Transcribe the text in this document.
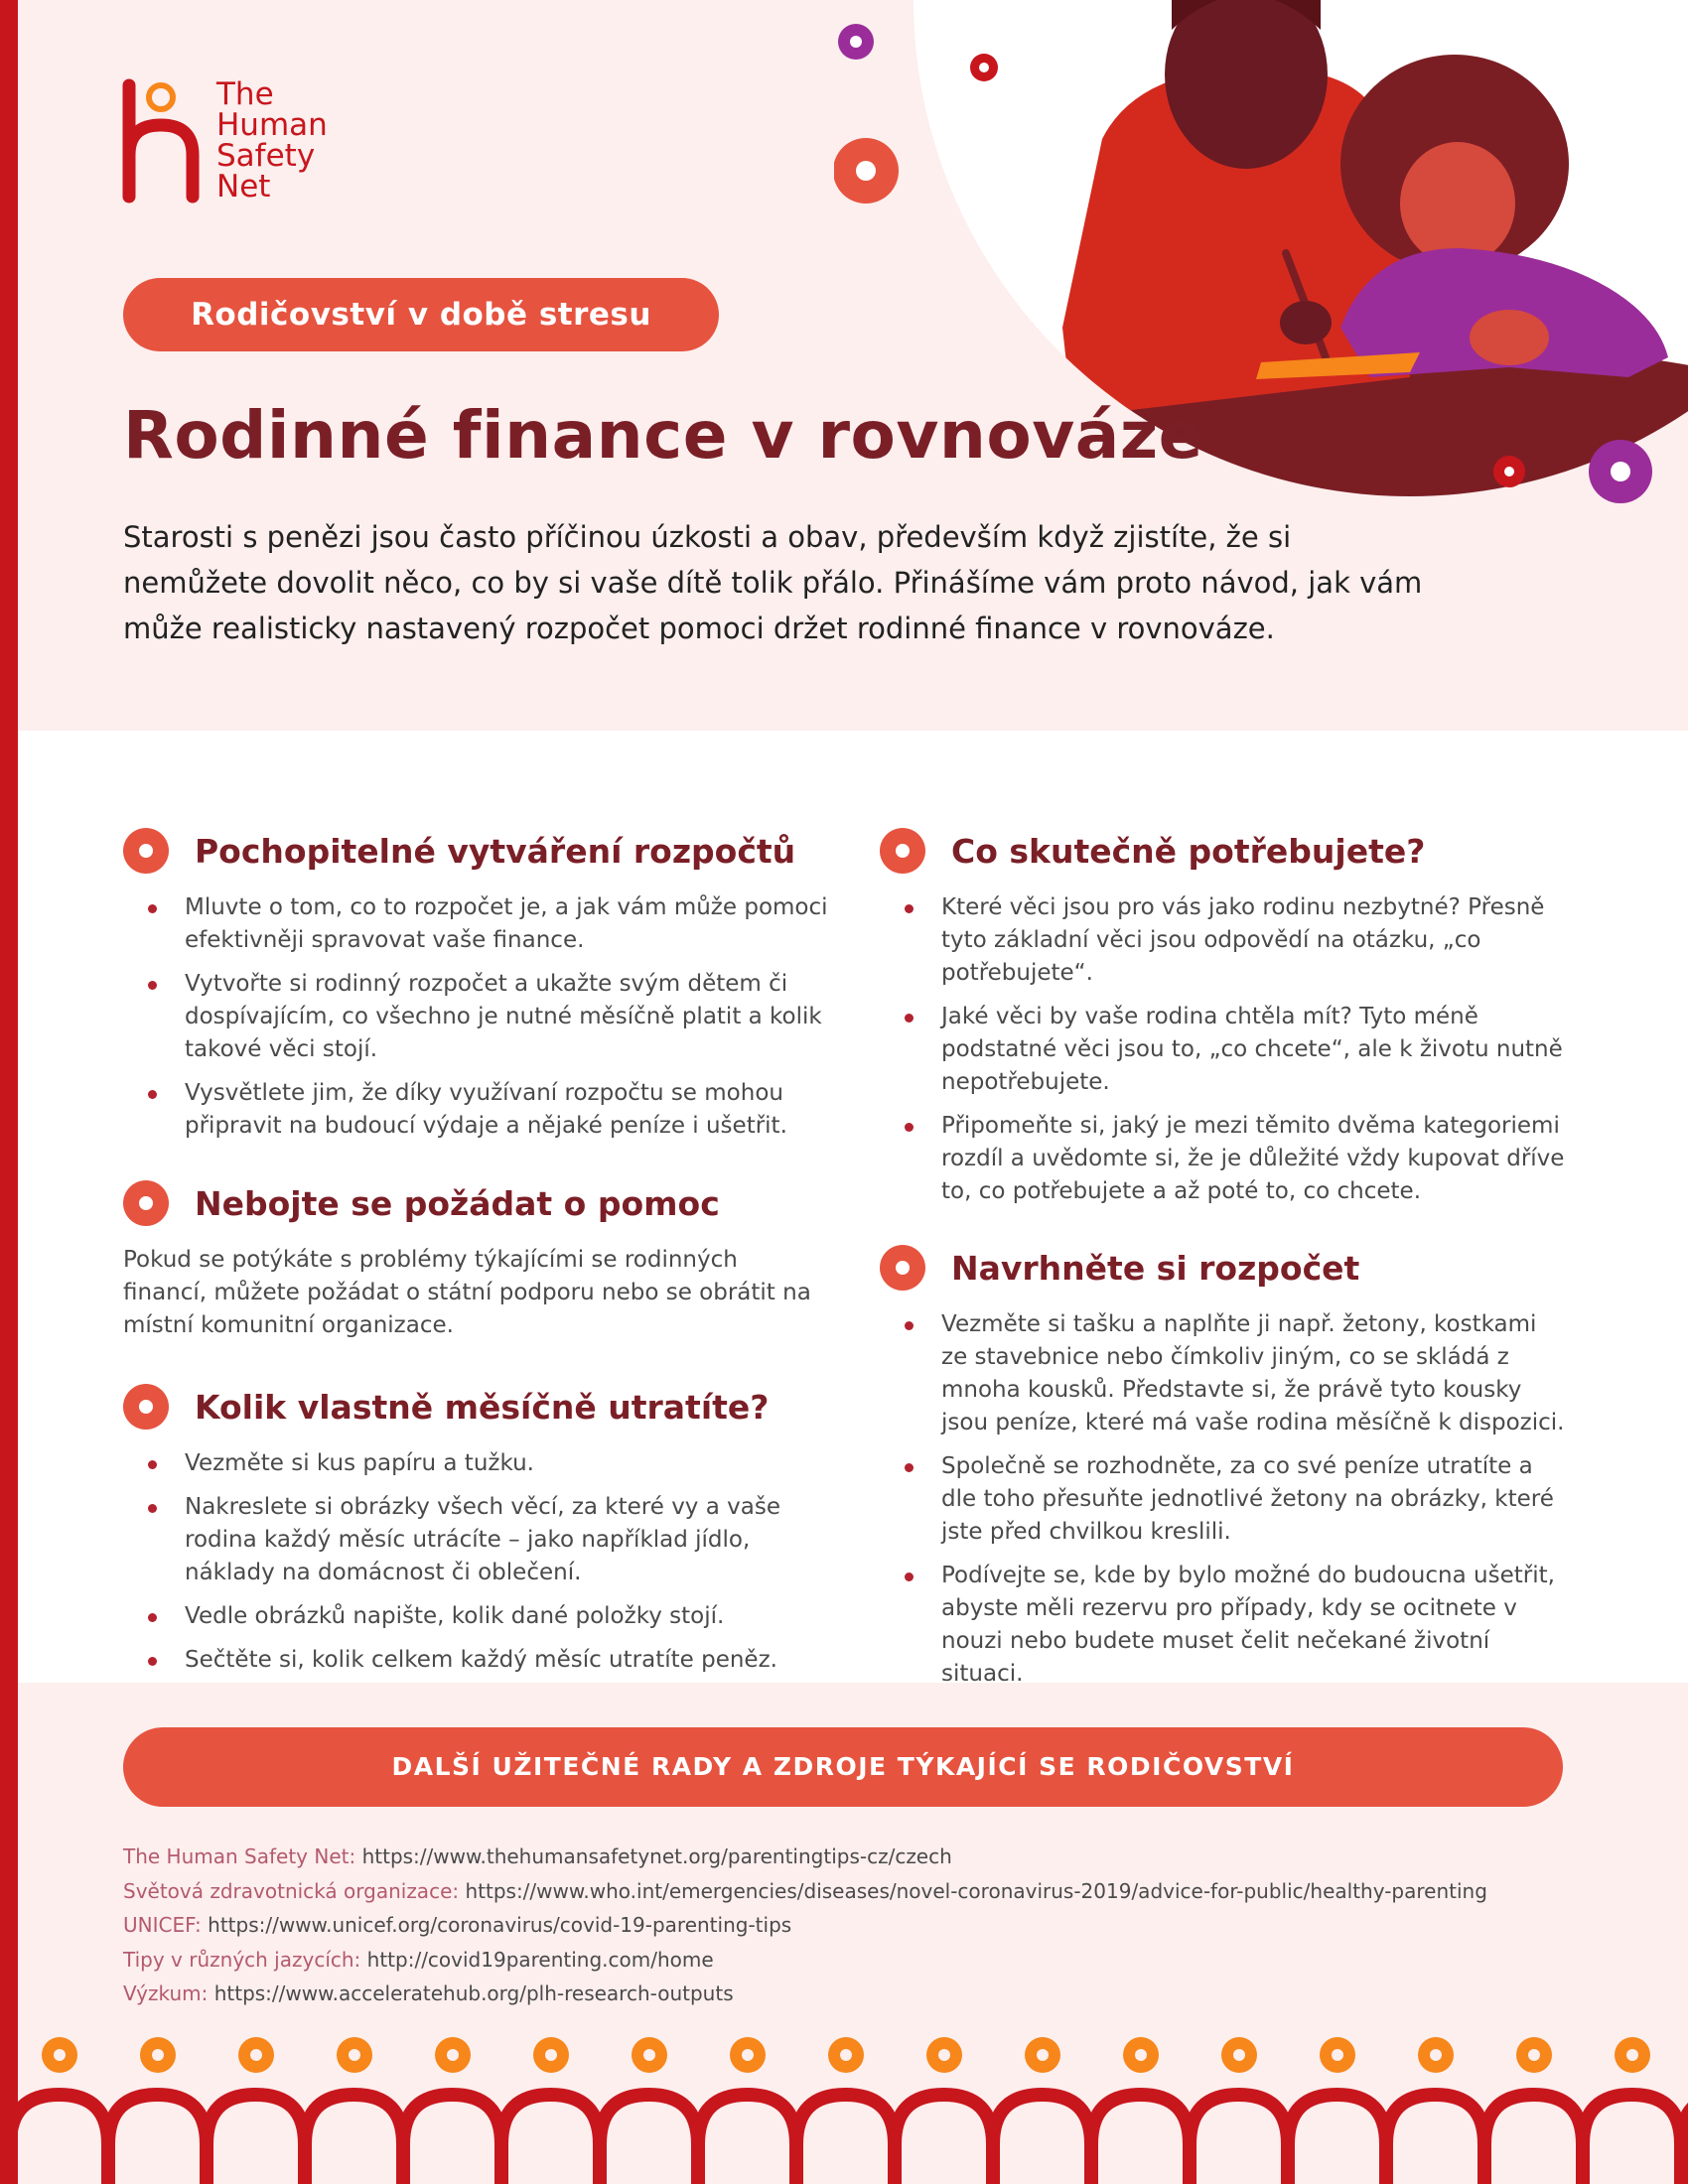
The
Human
Safety
Net
Rodičovství v době stresu
Rodinné finance v rovnováze

Starosti s penězi jsou často příčinou úzkosti a obav, především když zjistíte, že si
nemůžete dovolit něco, co by si vaše dítě tolik přálo. Přinášíme vám proto návod, jak vám
může realisticky nastavený rozpočet pomoci držet rodinné finance v rovnováze.

Pochopitelné vytváření rozpočtů
Mluvte o tom, co to rozpočet je, a jak vám může pomoci efektivněji spravovat vaše finance.
Vytvořte si rodinný rozpočet a ukažte svým dětem či dospívajícím, co všechno je nutné měsíčně platit a kolik takové věci stojí.
Vysvětlete jim, že díky využívaní rozpočtu se mohou připravit na budoucí výdaje a nějaké peníze i ušetřit.
Nebojte se požádat o pomoc

Pokud se potýkáte s problémy týkajícími se rodinných financí, můžete požádat o státní podporu nebo se obrátit na místní komunitní organizace.

Kolik vlastně měsíčně utratíte?
Vezměte si kus papíru a tužku.
Nakreslete si obrázky všech věcí, za které vy a vaše rodina každý měsíc utrácíte – jako například jídlo, náklady na domácnost či oblečení.
Vedle obrázků napište, kolik dané položky stojí.
Sečtěte si, kolik celkem každý měsíc utratíte peněz.
Co skutečně potřebujete?
Které věci jsou pro vás jako rodinu nezbytné? Přesně tyto základní věci jsou odpovědí na otázku, „co potřebujete“.
Jaké věci by vaše rodina chtěla mít? Tyto méně podstatné věci jsou to, „co chcete“, ale k životu nutně nepotřebujete.
Připomeňte si, jaký je mezi těmito dvěma kategoriemi rozdíl a uvědomte si, že je důležité vždy kupovat dříve to, co potřebujete a až poté to, co chcete.
Navrhněte si rozpočet
Vezměte si tašku a naplňte ji např. žetony, kostkami ze stavebnice nebo čímkoliv jiným, co se skládá z mnoha kousků. Představte si, že právě tyto kousky jsou peníze, které má vaše rodina měsíčně k dispozici.
Společně se rozhodněte, za co své peníze utratíte a dle toho přesuňte jednotlivé žetony na obrázky, které jste před chvilkou kreslili.
Podívejte se, kde by bylo možné do budoucna ušetřit, abyste měli rezervu pro případy, kdy se ocitnete v nouzi nebo budete muset čelit nečekané životní situaci.
DALŠÍ UŽITEČNÉ RADY A ZDROJE TÝKAJÍCÍ SE RODIČOVSTVÍ
The Human Safety Net: https://www.thehumansafetynet.org/parentingtips-cz/czech
Světová zdravotnická organizace: https://www.who.int/emergencies/diseases/novel-coronavirus-2019/advice-for-public/healthy-parenting
UNICEF: https://www.unicef.org/coronavirus/covid-19-parenting-tips
Tipy v různých jazycích: http://covid19parenting.com/home
Výzkum: https://www.acceleratehub.org/plh-research-outputs
